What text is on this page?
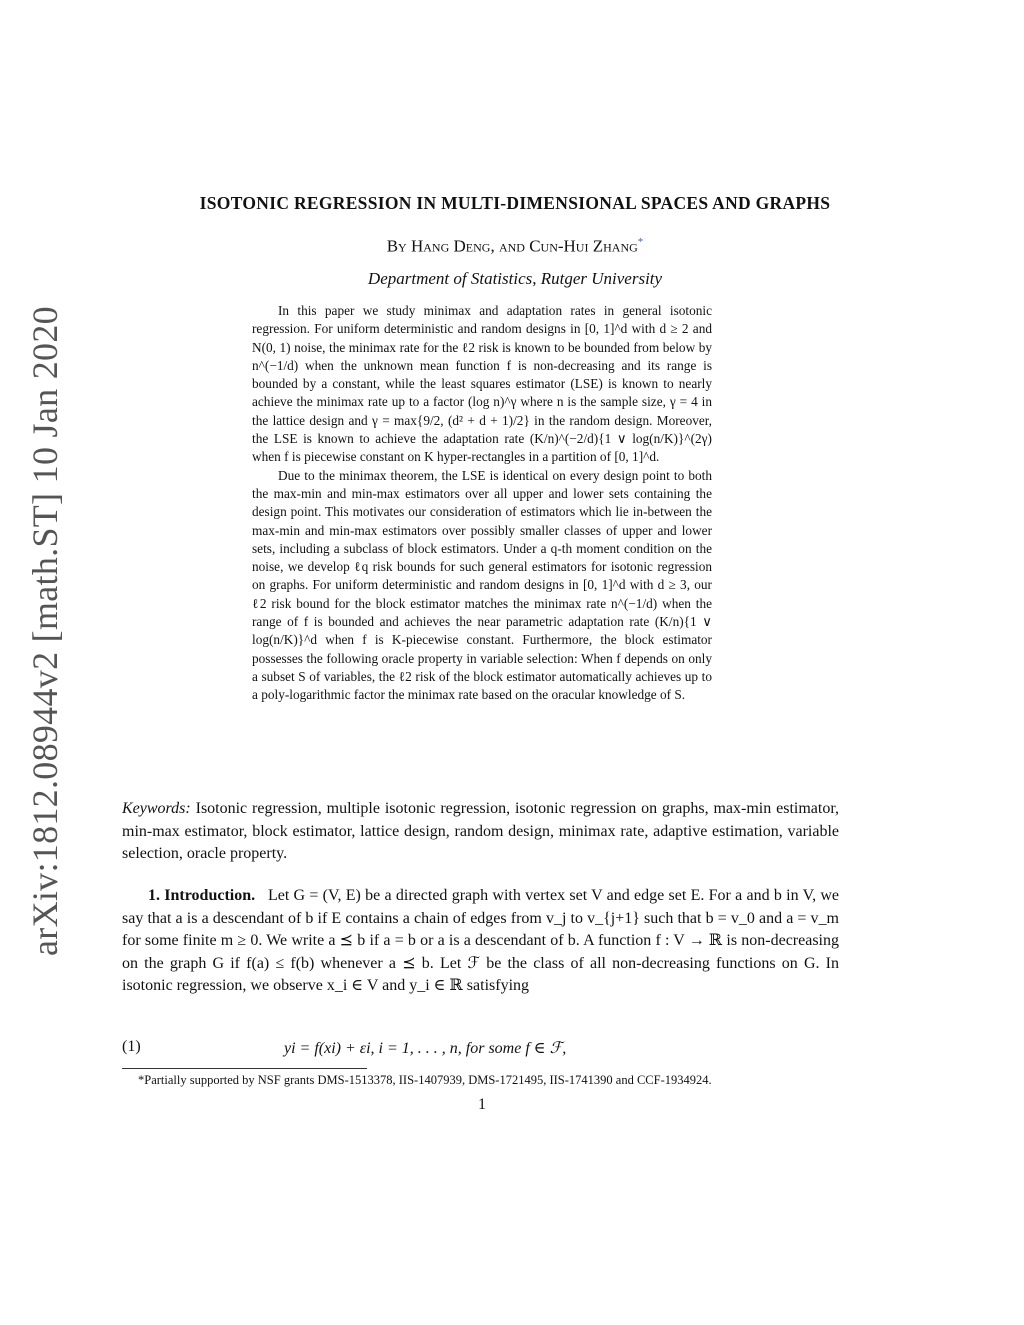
arXiv:1812.08944v2 [math.ST] 10 Jan 2020
ISOTONIC REGRESSION IN MULTI-DIMENSIONAL SPACES AND GRAPHS
By Hang Deng, and Cun-Hui Zhang*
Department of Statistics, Rutger University

In this paper we study minimax and adaptation rates in general isotonic regression. For uniform deterministic and random designs in [0, 1]^d with d ≥ 2 and N(0, 1) noise, the minimax rate for the ℓ2 risk is known to be bounded from below by n^(−1/d) when the unknown mean function f is non-decreasing and its range is bounded by a constant, while the least squares estimator (LSE) is known to nearly achieve the minimax rate up to a factor (log n)^γ where n is the sample size, γ = 4 in the lattice design and γ = max{9/2, (d² + d + 1)/2} in the random design. Moreover, the LSE is known to achieve the adaptation rate (K/n)^(−2/d){1 ∨ log(n/K)}^(2γ) when f is piecewise constant on K hyper-rectangles in a partition of [0, 1]^d.

Due to the minimax theorem, the LSE is identical on every design point to both the max-min and min-max estimators over all upper and lower sets containing the design point. This motivates our consideration of estimators which lie in-between the max-min and min-max estimators over possibly smaller classes of upper and lower sets, including a subclass of block estimators. Under a q-th moment condition on the noise, we develop ℓq risk bounds for such general estimators for isotonic regression on graphs. For uniform deterministic and random designs in [0, 1]^d with d ≥ 3, our ℓ2 risk bound for the block estimator matches the minimax rate n^(−1/d) when the range of f is bounded and achieves the near parametric adaptation rate (K/n){1 ∨ log(n/K)}^d when f is K-piecewise constant. Furthermore, the block estimator possesses the following oracle property in variable selection: When f depends on only a subset S of variables, the ℓ2 risk of the block estimator automatically achieves up to a poly-logarithmic factor the minimax rate based on the oracular knowledge of S.

Keywords: Isotonic regression, multiple isotonic regression, isotonic regression on graphs, max-min estimator, min-max estimator, block estimator, lattice design, random design, minimax rate, adaptive estimation, variable selection, oracle property.

1. Introduction. Let G = (V, E) be a directed graph with vertex set V and edge set E. For a and b in V, we say that a is a descendant of b if E contains a chain of edges from v_j to v_{j+1} such that b = v_0 and a = v_m for some finite m ≥ 0. We write a ⪯ b if a = b or a is a descendant of b. A function f : V → ℝ is non-decreasing on the graph G if f(a) ≤ f(b) whenever a ⪯ b. Let ℱ be the class of all non-decreasing functions on G. In isotonic regression, we observe x_i ∈ V and y_i ∈ ℝ satisfying

(1)	yi = f(xi) + εi, i = 1, . . . , n, for some f ∈ ℱ,
*Partially supported by NSF grants DMS-1513378, IIS-1407939, DMS-1721495, IIS-1741390 and CCF-1934924.
1
